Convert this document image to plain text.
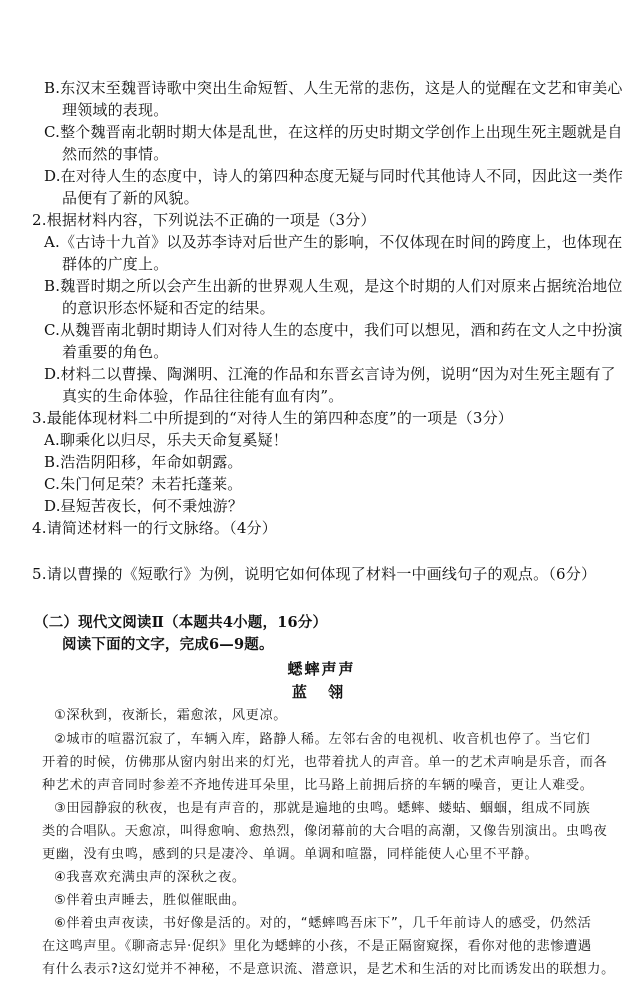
B.东汉末至魏晋诗歌中突出生命短暂、人生无常的悲伤，这是人的觉醒在文艺和审美心
理领域的表现。
C.整个魏晋南北朝时期大体是乱世，在这样的历史时期文学创作上出现生死主题就是自
然而然的事情。
D.在对待人生的态度中，诗人的第四种态度无疑与同时代其他诗人不同，因此这一类作
品便有了新的风貌。
2.根据材料内容，下列说法不正确的一项是（3分）
A.《古诗十九首》以及苏李诗对后世产生的影响，不仅体现在时间的跨度上，也体现在
群体的广度上。
B.魏晋时期之所以会产生出新的世界观人生观，是这个时期的人们对原来占据统治地位
的意识形态怀疑和否定的结果。
C.从魏晋南北朝时期诗人们对待人生的态度中，我们可以想见，酒和药在文人之中扮演
着重要的角色。
D.材料二以曹操、陶渊明、江淹的作品和东晋玄言诗为例，说明“因为对生死主题有了
真实的生命体验，作品往往能有血有肉”。
3.最能体现材料二中所提到的“对待人生的第四种态度”的一项是（3分）
A.聊乘化以归尽，乐夫天命复奚疑！
B.浩浩阴阳移，年命如朝露。
C.朱门何足荣？未若托蓬莱。
D.昼短苦夜长，何不秉烛游？
4.请简述材料一的行文脉络。（4分）
5.请以曹操的《短歌行》为例，说明它如何体现了材料一中画线句子的观点。（6分）
（二）现代文阅读Ⅱ（本题共4小题，16分）
阅读下面的文字，完成6—9题。
蟋蟀声声
蓝 翎
①深秋到，夜渐长，霜愈浓，风更凉。
②城市的喧嚣沉寂了，车辆入库，路静人稀。左邻右舍的电视机、收音机也停了。当它们
开着的时候，仿佛那从窗内射出来的灯光，也带着扰人的声音。单一的艺术声响是乐音，而各
种艺术的声音同时参差不齐地传进耳朵里，比马路上前拥后挤的车辆的噪音，更让人难受。
③田园静寂的秋夜，也是有声音的，那就是遍地的虫鸣。蟋蟀、蝼蛄、蝈蝈，组成不同族
类的合唱队。天愈凉，叫得愈响、愈热烈，像闭幕前的大合唱的高潮，又像告别演出。虫鸣夜
更幽，没有虫鸣，感到的只是凄冷、单调。单调和喧嚣，同样能使人心里不平静。
④我喜欢充满虫声的深秋之夜。
⑤伴着虫声睡去，胜似催眠曲。
⑥伴着虫声夜读，书好像是活的。对的，“蟋蟀鸣吾床下”，几千年前诗人的感受，仍然活
在这鸣声里。《聊斋志异·促织》里化为蟋蟀的小孩，不是正隔窗窥探，看你对他的悲惨遭遇
有什么表示?这幻觉并不神秘，不是意识流、潜意识，是艺术和生活的对比而诱发出的联想力。
